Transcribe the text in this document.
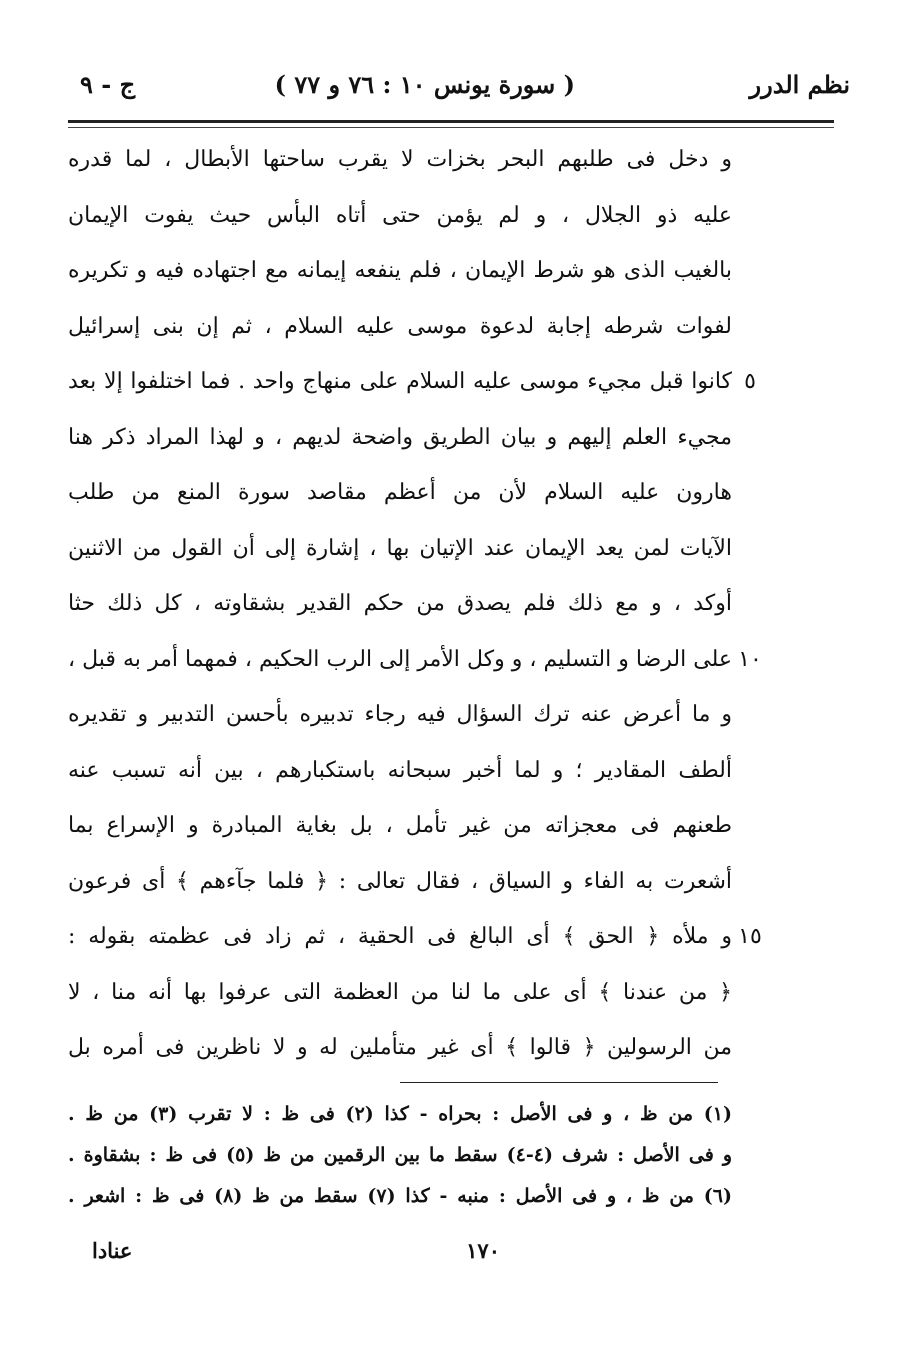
نظم الدرر
( سورة يونس ١٠ : ٧٦ و ٧٧ )
ج - ٩
و دخل فى طلبهم البحر بخزات لا يقرب ساحتها الأبطال ، لما قدره
عليه ذو الجلال ، و لم يؤمن حتى أتاه البأس حيث يفوت الإيمان
بالغيب الذى هو شرط الإيمان ، فلم ينفعه إيمانه مع اجتهاده فيه و تكريره
لفوات شرطه إجابة لدعوة موسى عليه السلام ، ثم إن بنى إسرائيل
كانوا قبل مجيء موسى عليه السلام على منهاج واحد . فما اختلفوا إلا بعد
مجيء العلم إليهم و بيان الطريق واضحة لديهم ، و لهذا المراد ذكر هنا
هارون عليه السلام لأن من أعظم مقاصد سورة المنع من طلب
الآيات لمن يعد الإيمان عند الإتيان بها ، إشارة إلى أن القول من الاثنين
أوكد ، و مع ذلك فلم يصدق من حكم القدير بشقاوته ، كل ذلك حثا
على الرضا و التسليم ، و وكل الأمر إلى الرب الحكيم ، فمهما أمر به قبل ،
و ما أعرض عنه ترك السؤال فيه رجاء تدبيره بأحسن التدبير و تقديره
ألطف المقادير ؛ و لما أخبر سبحانه باستكبارهم ، بين أنه تسبب عنه
طعنهم فى معجزاته من غير تأمل ، بل بغاية المبادرة و الإسراع بما
أشعرت به الفاء و السياق ، فقال تعالى : ﴿ فلما جآءهم ﴾ أى فرعون
و ملأه ﴿ الحق ﴾ أى البالغ فى الحقية ، ثم زاد فى عظمته بقوله :
﴿ من عندنا ﴾ أى على ما لنا من العظمة التى عرفوا بها أنه منا ، لا
من الرسولين ﴿ قالوا ﴾ أى غير متأملين له و لا ناظرين فى أمره بل
٥
١٠
١٥
(١) من ظ ، و فى الأصل : بحراه - كذا (٢) فى ظ : لا تقرب (٣) من ظ .
و فى الأصل : شرف (٤-٤) سقط ما بين الرقمين من ظ (٥) فى ظ : بشقاوة .
(٦) من ظ ، و فى الأصل : منبه - كذا (٧) سقط من ظ (٨) فى ظ : اشعر .
١٧٠
عنادا
